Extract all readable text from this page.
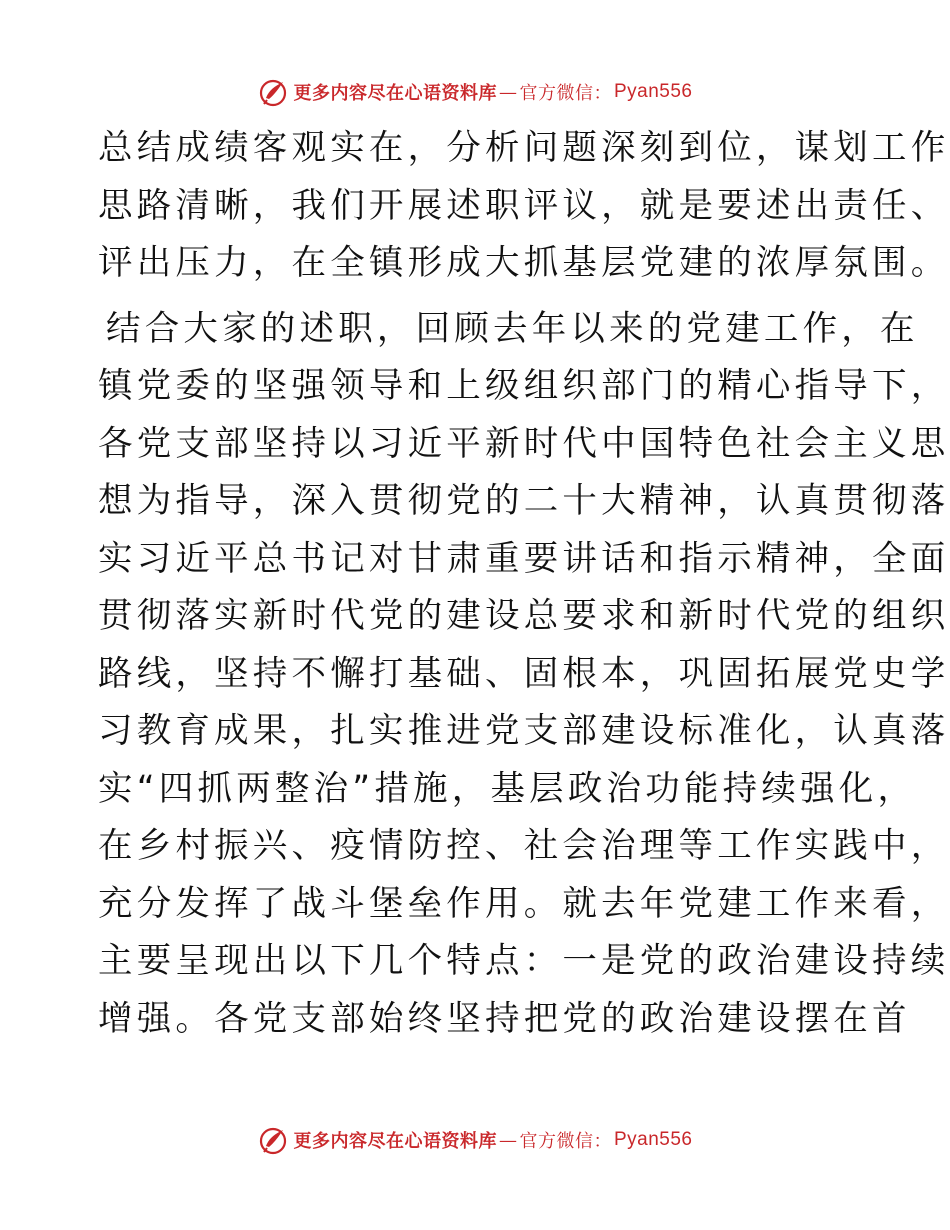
更多内容尽在心语资料库 — 官方微信： Pyan556

总结成绩客观实在，分析问题深刻到位，谋划工作
思路清晰，我们开展述职评议，就是要述出责任、
评出压力，在全镇形成大抓基层党建的浓厚氛围。

结合大家的述职，回顾去年以来的党建工作，在
镇党委的坚强领导和上级组织部门的精心指导下，
各党支部坚持以习近平新时代中国特色社会主义思
想为指导，深入贯彻党的二十大精神，认真贯彻落
实习近平总书记对甘肃重要讲话和指示精神，全面
贯彻落实新时代党的建设总要求和新时代党的组织
路线，坚持不懈打基础、固根本，巩固拓展党史学
习教育成果，扎实推进党支部建设标准化，认真落
实“四抓两整治”措施，基层政治功能持续强化，
在乡村振兴、疫情防控、社会治理等工作实践中，
充分发挥了战斗堡垒作用。就去年党建工作来看，
主要呈现出以下几个特点：一是党的政治建设持续
增强。各党支部始终坚持把党的政治建设摆在首

更多内容尽在心语资料库 — 官方微信： Pyan556
